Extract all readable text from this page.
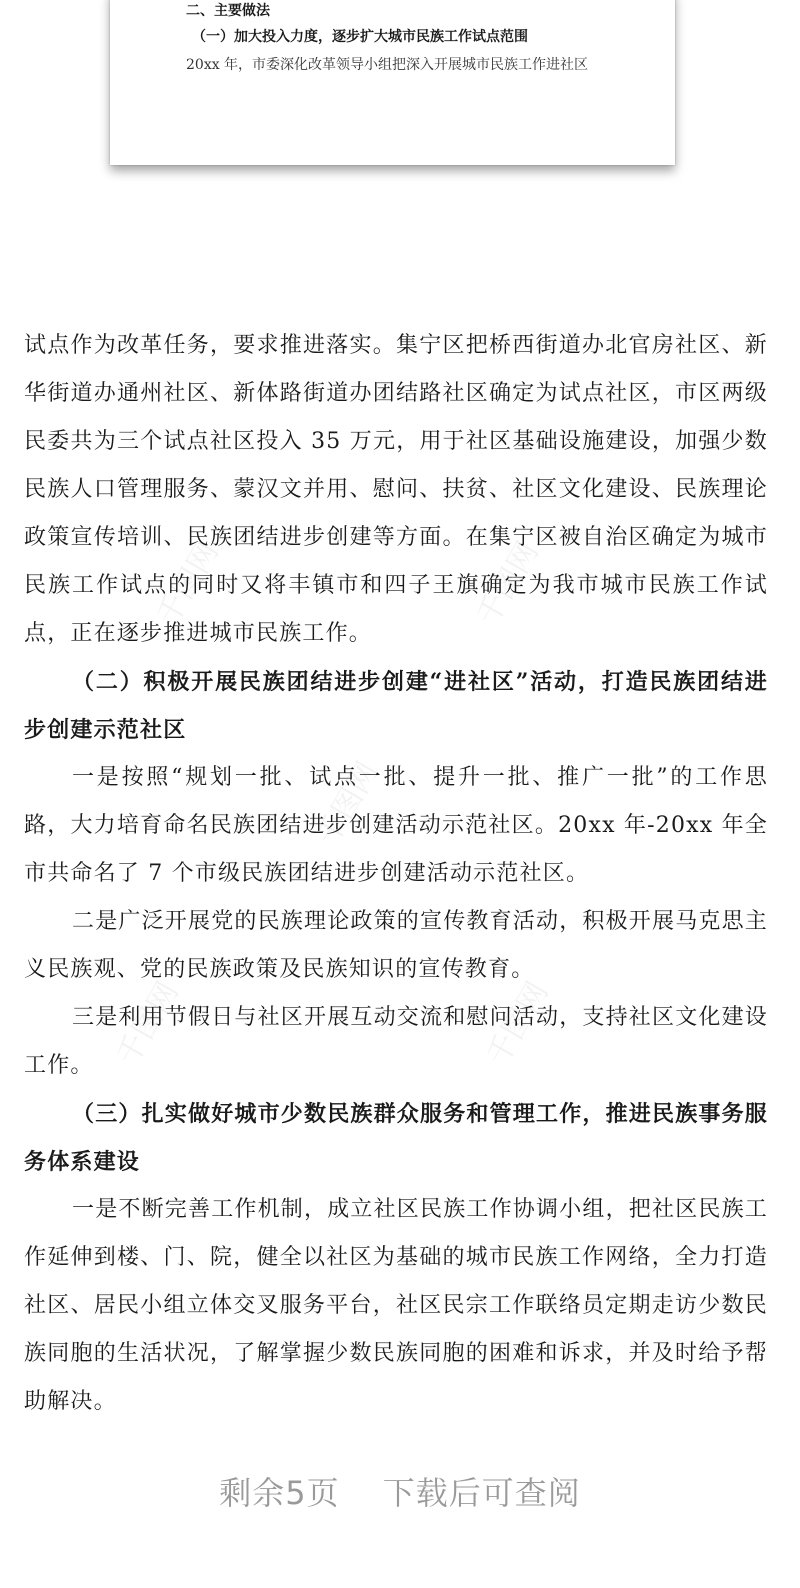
二、主要做法
（一）加大投入力度，逐步扩大城市民族工作试点范围
20xx 年，市委深化改革领导小组把深入开展城市民族工作进社区
千图网	千图网
千图网
千图网	千图网

试点作为改革任务，要求推进落实。集宁区把桥西街道办北官房社区、新华街道办通州社区、新体路街道办团结路社区确定为试点社区，市区两级民委共为三个试点社区投入 35 万元，用于社区基础设施建设，加强少数民族人口管理服务、蒙汉文并用、慰问、扶贫、社区文化建设、民族理论政策宣传培训、民族团结进步创建等方面。在集宁区被自治区确定为城市民族工作试点的同时又将丰镇市和四子王旗确定为我市城市民族工作试点，正在逐步推进城市民族工作。

（二）积极开展民族团结进步创建“进社区”活动，打造民族团结进步创建示范社区

一是按照“规划一批、试点一批、提升一批、推广一批”的工作思路，大力培育命名民族团结进步创建活动示范社区。20xx 年-20xx 年全市共命名了 7 个市级民族团结进步创建活动示范社区。

二是广泛开展党的民族理论政策的宣传教育活动，积极开展马克思主义民族观、党的民族政策及民族知识的宣传教育。

三是利用节假日与社区开展互动交流和慰问活动，支持社区文化建设工作。

（三）扎实做好城市少数民族群众服务和管理工作，推进民族事务服务体系建设

一是不断完善工作机制，成立社区民族工作协调小组，把社区民族工作延伸到楼、门、院，健全以社区为基础的城市民族工作网络，全力打造社区、居民小组立体交叉服务平台，社区民宗工作联络员定期走访少数民族同胞的生活状况，了解掌握少数民族同胞的困难和诉求，并及时给予帮助解决。

剩余5页 下载后可查阅
